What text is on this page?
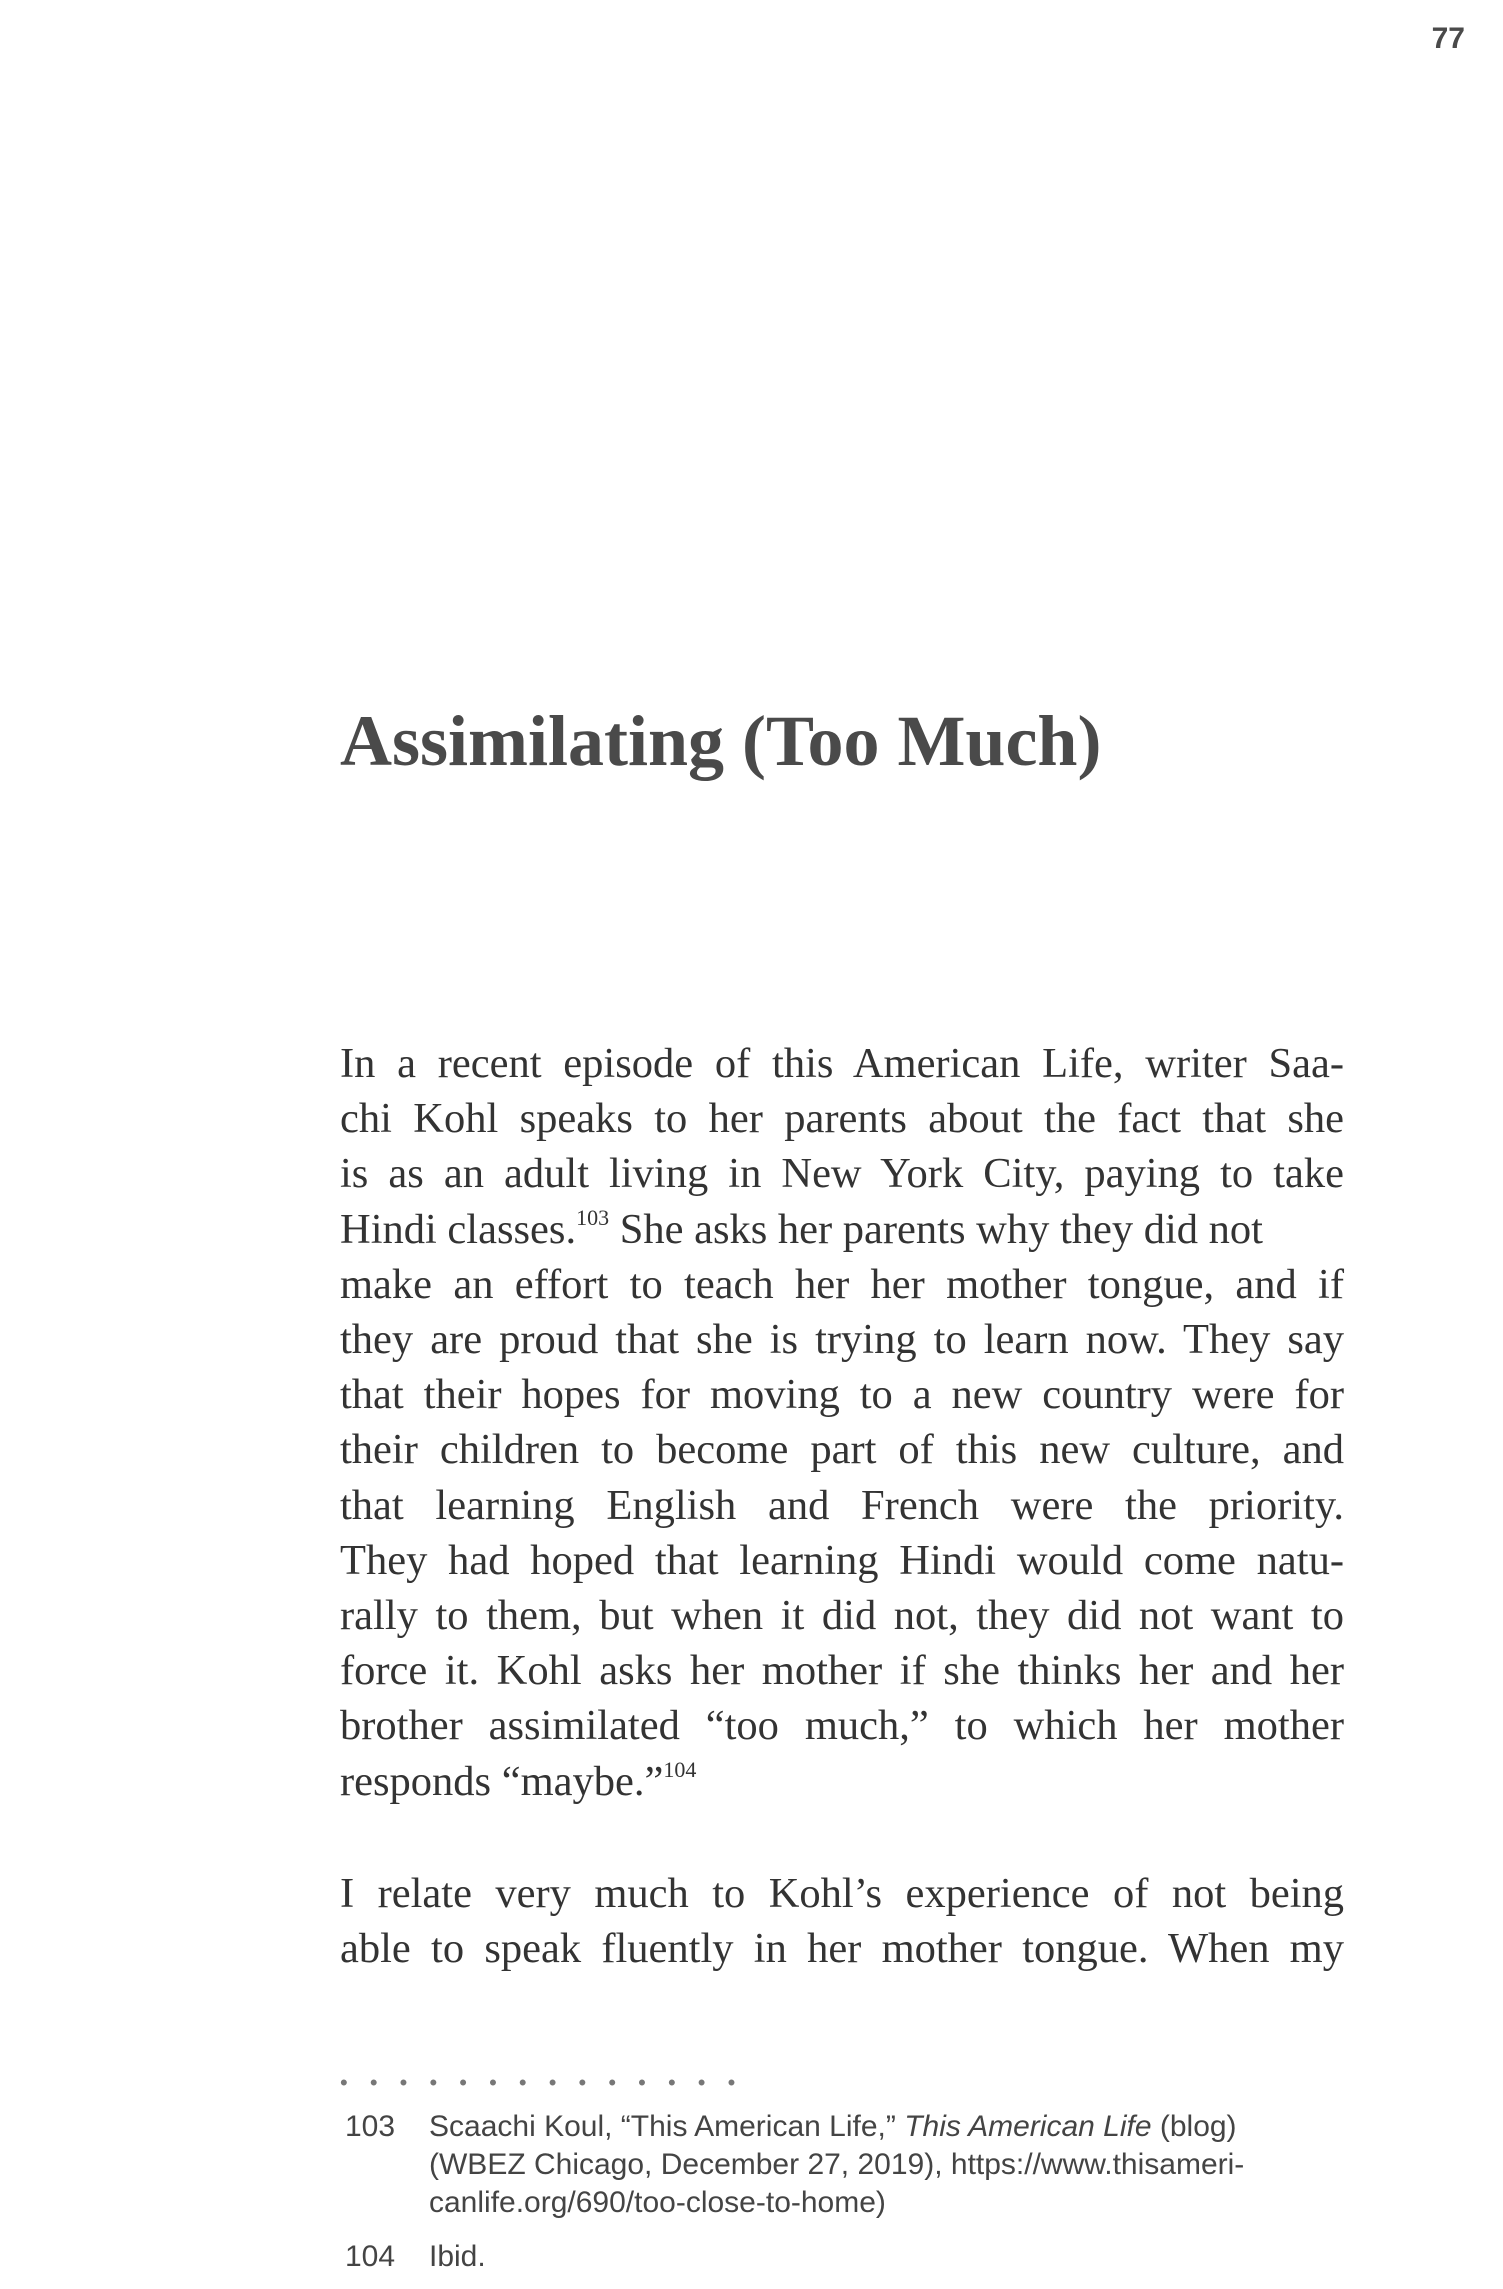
77
Assimilating (Too Much)

In a recent episode of this American Life, writer Saa-
chi Kohl speaks to her parents about the fact that she
is as an adult living in New York City, paying to take
Hindi classes.$^{103}$ She asks her parents why they did not
make an effort to teach her her mother tongue, and if
they are proud that she is trying to learn now. They say
that their hopes for moving to a new country were for
their children to become part of this new culture, and
that learning English and French were the priority.
They had hoped that learning Hindi would come natu-
rally to them, but when it did not, they did not want to
force it. Kohl asks her mother if she thinks her and her
brother assimilated “too much,” to which her mother
responds “maybe.”$^{104}$

I relate very much to Kohl’s experience of not being
able to speak fluently in her mother tongue. When my

• • • • • • • • • • • • • •
103 Scaachi Koul, “This American Life,” This American Life (blog)
(WBEZ Chicago, December 27, 2019), https://www.thisameri-
canlife.org/690/too-close-to-home)
104 Ibid.
